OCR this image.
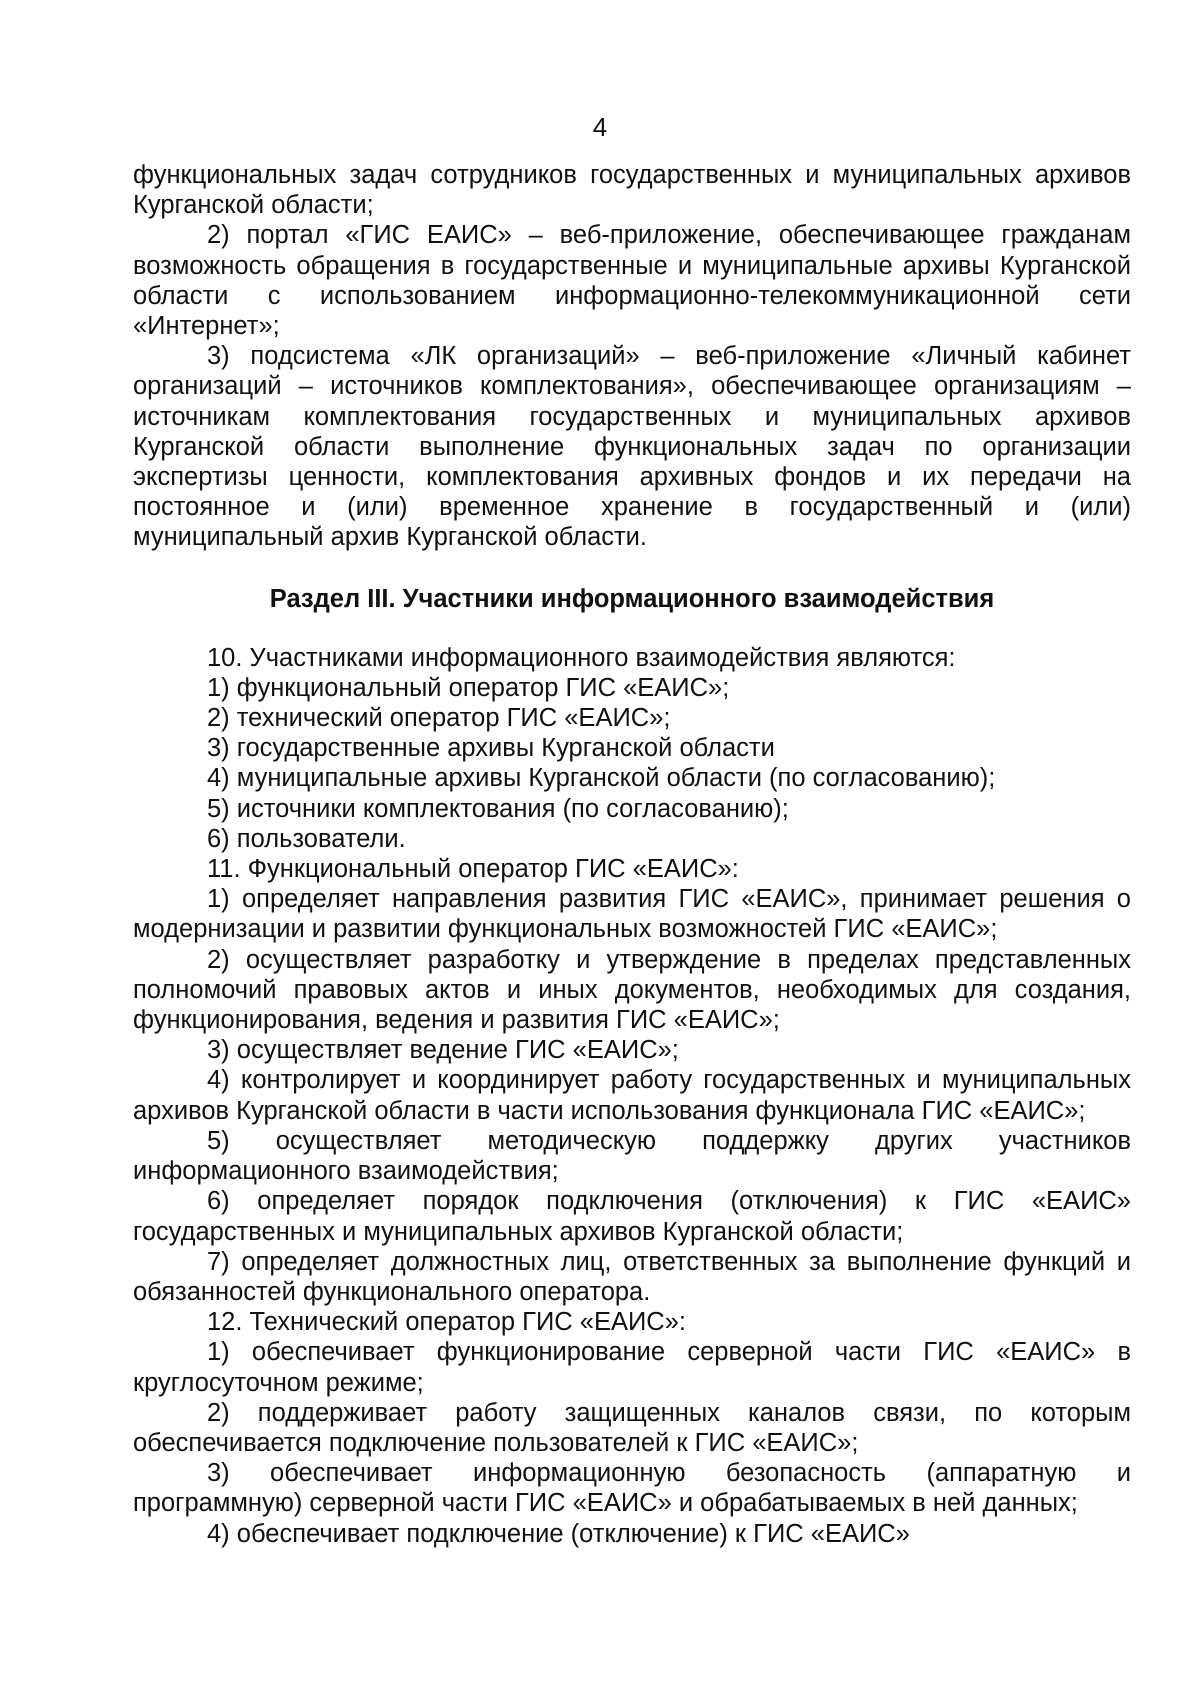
4

функциональных задач сотрудников государственных и муниципальных архивов Курганской области;

2) портал «ГИС ЕАИС» – веб-приложение, обеспечивающее гражданам возможность обращения в государственные и муниципальные архивы Курганской области с использованием информационно-телекоммуникационной сети «Интернет»;

3) подсистема «ЛК организаций» – веб-приложение «Личный кабинет организаций – источников комплектования», обеспечивающее организациям – источникам комплектования государственных и муниципальных архивов Курганской области выполнение функциональных задач по организации экспертизы ценности, комплектования архивных фондов и их передачи на постоянное и (или) временное хранение в государственный и (или) муниципальный архив Курганской области.

Раздел III. Участники информационного взаимодействия

10. Участниками информационного взаимодействия являются:

1) функциональный оператор ГИС «ЕАИС»;

2) технический оператор ГИС «ЕАИС»;

3) государственные архивы Курганской области

4) муниципальные архивы Курганской области (по согласованию);

5) источники комплектования (по согласованию);

6) пользователи.

11. Функциональный оператор ГИС «ЕАИС»:

1) определяет направления развития ГИС «ЕАИС», принимает решения о модернизации и развитии функциональных возможностей ГИС «ЕАИС»;

2) осуществляет разработку и утверждение в пределах представленных полномочий правовых актов и иных документов, необходимых для создания, функционирования, ведения и развития ГИС «ЕАИС»;

3) осуществляет ведение ГИС «ЕАИС»;

4) контролирует и координирует работу государственных и муниципальных архивов Курганской области в части использования функционала ГИС «ЕАИС»;

5) осуществляет методическую поддержку других участников информационного взаимодействия;

6) определяет порядок подключения (отключения) к ГИС «ЕАИС» государственных и муниципальных архивов Курганской области;

7) определяет должностных лиц, ответственных за выполнение функций и обязанностей функционального оператора.

12. Технический оператор ГИС «ЕАИС»:

1) обеспечивает функционирование серверной части ГИС «ЕАИС» в круглосуточном режиме;

2) поддерживает работу защищенных каналов связи, по которым обеспечивается подключение пользователей к ГИС «ЕАИС»;

3) обеспечивает информационную безопасность (аппаратную и программную) серверной части ГИС «ЕАИС» и обрабатываемых в ней данных;

4) обеспечивает подключение (отключение) к ГИС «ЕАИС»
